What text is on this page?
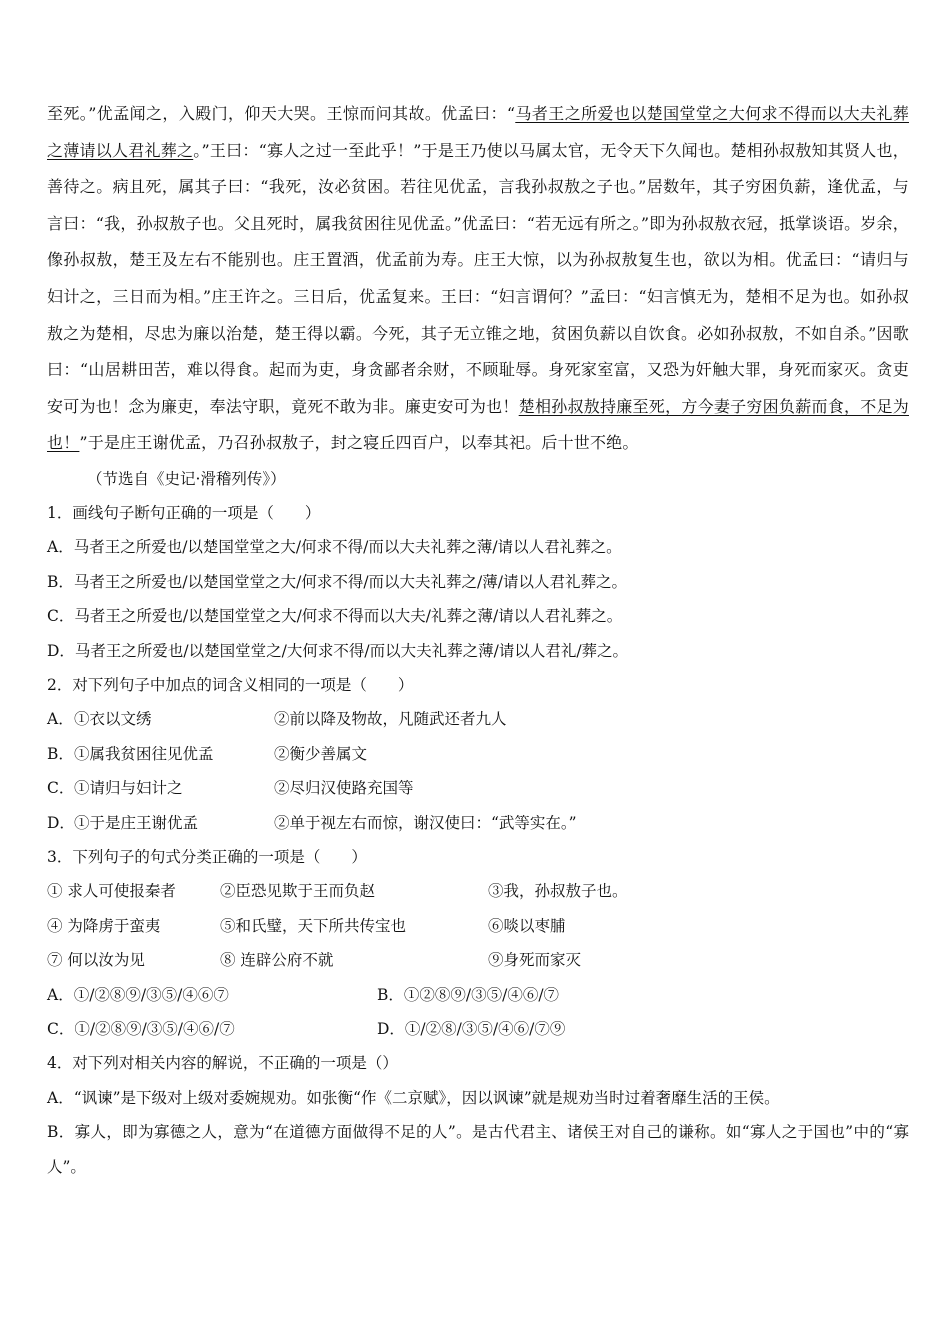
至死。”优孟闻之，入殿门，仰天大哭。王惊而问其故。优孟曰：“马者王之所爱也以楚国堂堂之大何求不得而以大夫礼葬之薄请以人君礼葬之。”王曰：“寡人之过一至此乎！”于是王乃使以马属太官，无令天下久闻也。楚相孙叔敖知其贤人也，善待之。病且死，属其子曰：“我死，汝必贫困。若往见优孟，言我孙叔敖之子也。”居数年，其子穷困负薪，逢优孟，与言曰：“我，孙叔敖子也。父且死时，属我贫困往见优孟。”优孟曰：“若无远有所之。”即为孙叔敖衣冠，抵掌谈语。岁余，像孙叔敖，楚王及左右不能别也。庄王置酒，优孟前为寿。庄王大惊，以为孙叔敖复生也，欲以为相。优孟曰：“请归与妇计之，三日而为相。”庄王许之。三日后，优孟复来。王曰：“妇言谓何？”孟曰：“妇言慎无为，楚相不足为也。如孙叔敖之为楚相，尽忠为廉以治楚，楚王得以霸。今死，其子无立锥之地，贫困负薪以自饮食。必如孙叔敖，不如自杀。”因歌曰：“山居耕田苦，难以得食。起而为吏，身贪鄙者余财，不顾耻辱。身死家室富，又恐为奸触大罪，身死而家灭。贪吏安可为也！念为廉吏，奉法守职，竟死不敢为非。廉吏安可为也！楚相孙叔敖持廉至死，方今妻子穷困负薪而食，不足为也！”于是庄王谢优孟，乃召孙叔敖子，封之寝丘四百户，以奉其祀。后十世不绝。
（节选自《史记·滑稽列传》）
1．画线句子断句正确的一项是（　　）
A．马者王之所爱也/以楚国堂堂之大/何求不得/而以大夫礼葬之薄/请以人君礼葬之。
B．马者王之所爱也/以楚国堂堂之大/何求不得/而以大夫礼葬之/薄/请以人君礼葬之。
C．马者王之所爱也/以楚国堂堂之大/何求不得而以大夫/礼葬之薄/请以人君礼葬之。
D．马者王之所爱也/以楚国堂堂之/大何求不得/而以大夫礼葬之薄/请以人君礼/葬之。
2．对下列句子中加点的词含义相同的一项是（　　）
A． ①衣以文绣	②前以降及物故，凡随武还者九人
B． ①属我贫困往见优孟	②衡少善属文
C． ①请归与妇计之	②尽归汉使路充国等
D． ①于是庄王谢优孟	②单于视左右而惊，谢汉使曰：“武等实在。”
3．下列句子的句式分类正确的一项是（　　）
① 求人可使报秦者	②臣恐见欺于王而负赵	③我，孙叔敖子也。
④ 为降虏于蛮夷	⑤和氏璧，天下所共传宝也	⑥啖以枣脯
⑦ 何以汝为见	⑧ 连辟公府不就	⑨身死而家灭
A．①/②⑧⑨/③⑤/④⑥⑦	B．①②⑧⑨/③⑤/④⑥/⑦
C．①/②⑧⑨/③⑤/④⑥/⑦	D．①/②⑧/③⑤/④⑥/⑦⑨
4．对下列对相关内容的解说，不正确的一项是（）
A．“讽谏”是下级对上级对委婉规劝。如张衡“作《二京赋》，因以讽谏”就是规劝当时过着奢靡生活的王侯。
B．寡人，即为寡德之人，意为“在道德方面做得不足的人”。是古代君主、诸侯王对自己的谦称。如“寡人之于国也”中的“寡人”。
